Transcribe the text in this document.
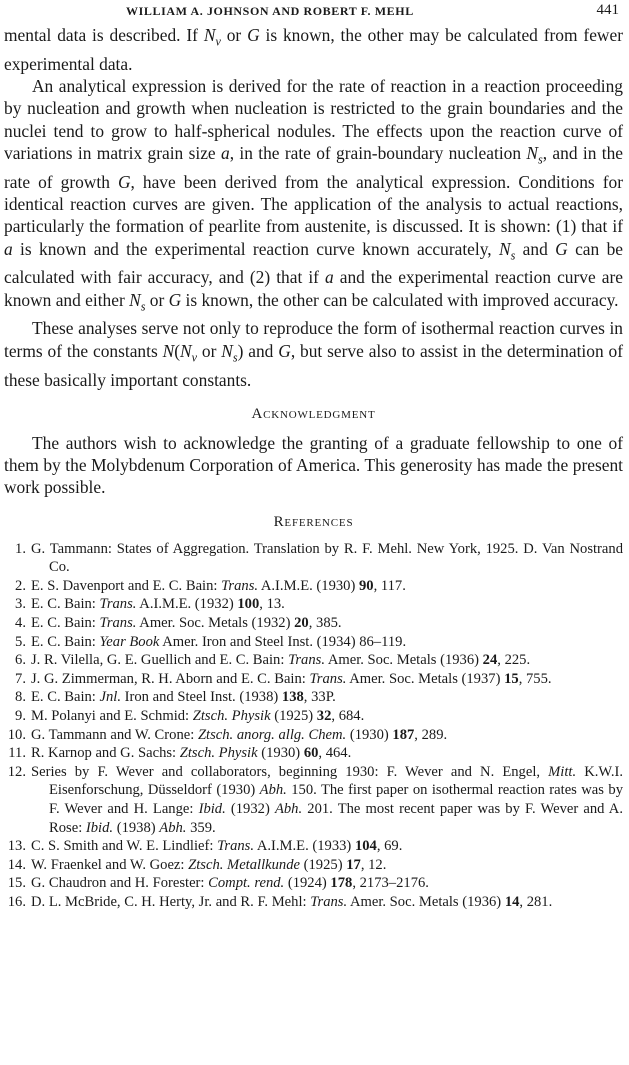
WILLIAM A. JOHNSON AND ROBERT F. MEHL	441

mental data is described. If $N_v$ or G is known, the other may be calculated from fewer experimental data.

An analytical expression is derived for the rate of reaction in a reaction proceeding by nucleation and growth when nucleation is restricted to the grain boundaries and the nuclei tend to grow to half-spherical nodules. The effects upon the reaction curve of variations in matrix grain size a, in the rate of grain-boundary nucleation $N_s$, and in the rate of growth G, have been derived from the analytical expression. Conditions for identical reaction curves are given. The application of the analysis to actual reactions, particularly the formation of pearlite from austenite, is discussed. It is shown: (1) that if a is known and the experimental reaction curve known accurately, $N_s$ and G can be calculated with fair accuracy, and (2) that if a and the experimental reaction curve are known and either $N_s$ or G is known, the other can be calculated with improved accuracy.

These analyses serve not only to reproduce the form of isothermal reaction curves in terms of the constants $N(N_v$ or $N_s$) and G, but serve also to assist in the determination of these basically important constants.

Acknowledgment

The authors wish to acknowledge the granting of a graduate fellowship to one of them by the Molybdenum Corporation of America. This generosity has made the present work possible.

References
1. G. Tammann: States of Aggregation. Translation by R. F. Mehl. New York, 1925. D. Van Nostrand Co.
2. E. S. Davenport and E. C. Bain: Trans. A.I.M.E. (1930) 90, 117.
3. E. C. Bain: Trans. A.I.M.E. (1932) 100, 13.
4. E. C. Bain: Trans. Amer. Soc. Metals (1932) 20, 385.
5. E. C. Bain: Year Book Amer. Iron and Steel Inst. (1934) 86–119.
6. J. R. Vilella, G. E. Guellich and E. C. Bain: Trans. Amer. Soc. Metals (1936) 24, 225.
7. J. G. Zimmerman, R. H. Aborn and E. C. Bain: Trans. Amer. Soc. Metals (1937) 15, 755.
8. E. C. Bain: Jnl. Iron and Steel Inst. (1938) 138, 33P.
9. M. Polanyi and E. Schmid: Ztsch. Physik (1925) 32, 684.
10. G. Tammann and W. Crone: Ztsch. anorg. allg. Chem. (1930) 187, 289.
11. R. Karnop and G. Sachs: Ztsch. Physik (1930) 60, 464.
12. Series by F. Wever and collaborators, beginning 1930: F. Wever and N. Engel, Mitt. K.W.I. Eisenforschung, Düsseldorf (1930) Abh. 150. The first paper on isothermal reaction rates was by F. Wever and H. Lange: Ibid. (1932) Abh. 201. The most recent paper was by F. Wever and A. Rose: Ibid. (1938) Abh. 359.
13. C. S. Smith and W. E. Lindlief: Trans. A.I.M.E. (1933) 104, 69.
14. W. Fraenkel and W. Goez: Ztsch. Metallkunde (1925) 17, 12.
15. G. Chaudron and H. Forester: Compt. rend. (1924) 178, 2173–2176.
16. D. L. McBride, C. H. Herty, Jr. and R. F. Mehl: Trans. Amer. Soc. Metals (1936) 14, 281.
